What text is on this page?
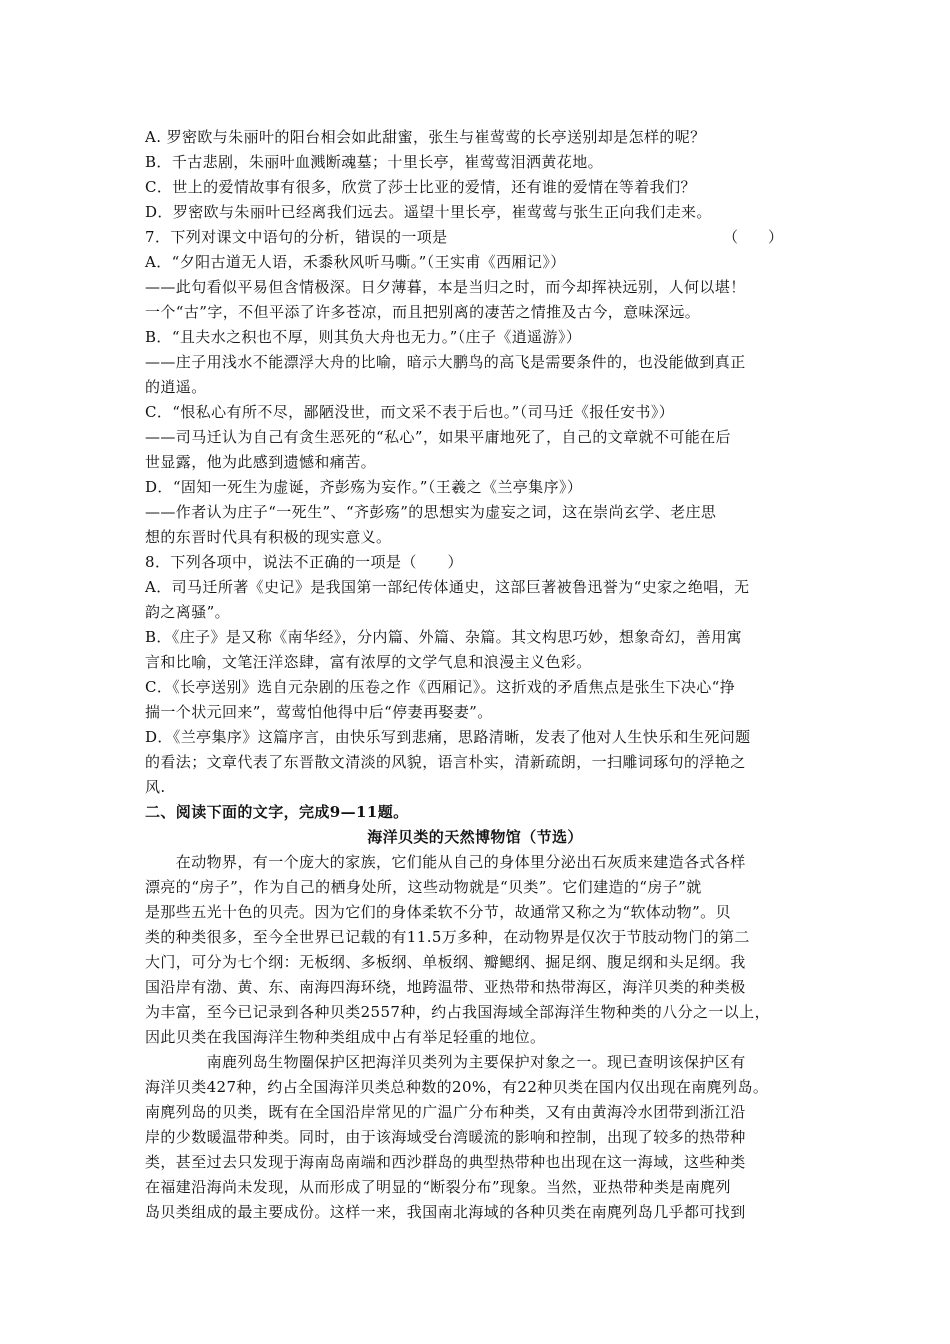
A. 罗密欧与朱丽叶的阳台相会如此甜蜜，张生与崔莺莺的长亭送别却是怎样的呢？
B．千古悲剧，朱丽叶血溅断魂墓；十里长亭，崔莺莺泪洒黄花地。
C．世上的爱情故事有很多，欣赏了莎士比亚的爱情，还有谁的爱情在等着我们？
D．罗密欧与朱丽叶已经离我们远去。遥望十里长亭，崔莺莺与张生正向我们走来。
7．下列对课文中语句的分析，错误的一项是	（　　）
A．“夕阳古道无人语，禾黍秋风听马嘶。”（王实甫《西厢记》）
——此句看似平易但含情极深。日夕薄暮，本是当归之时，而今却挥袂远别，人何以堪！
一个“古”字，不但平添了许多苍凉，而且把别离的凄苦之情推及古今，意味深远。
B．“且夫水之积也不厚，则其负大舟也无力。”（庄子《逍遥游》）
——庄子用浅水不能漂浮大舟的比喻，暗示大鹏鸟的高飞是需要条件的，也没能做到真正
的逍遥。
C．“恨私心有所不尽，鄙陋没世，而文采不表于后也。”（司马迁《报任安书》）
——司马迁认为自己有贪生恶死的“私心”，如果平庸地死了，自己的文章就不可能在后
世显露，他为此感到遗憾和痛苦。
D．“固知一死生为虚诞，齐彭殇为妄作。”（王羲之《兰亭集序》）
——作者认为庄子“一死生”、“齐彭殇”的思想实为虚妄之词，这在崇尚玄学、老庄思
想的东晋时代具有积极的现实意义。
8．下列各项中，说法不正确的一项是（　　）
A．司马迁所著《史记》是我国第一部纪传体通史，这部巨著被鲁迅誉为“史家之绝唱，无
韵之离骚”。
B．《庄子》是又称《南华经》，分内篇、外篇、杂篇。其文构思巧妙，想象奇幻，善用寓
言和比喻，文笔汪洋恣肆，富有浓厚的文学气息和浪漫主义色彩。
C．《长亭送别》选自元杂剧的压卷之作《西厢记》。这折戏的矛盾焦点是张生下决心“挣
揣一个状元回来”，莺莺怕他得中后“停妻再娶妻”。
D．《兰亭集序》这篇序言，由快乐写到悲痛，思路清晰，发表了他对人生快乐和生死问题
的看法；文章代表了东晋散文清淡的风貌，语言朴实，清新疏朗，一扫雕词琢句的浮艳之
风.
二、阅读下面的文字，完成9—11题。
海洋贝类的天然博物馆（节选）
　　在动物界，有一个庞大的家族，它们能从自己的身体里分泌出石灰质来建造各式各样
漂亮的“房子”，作为自己的栖身处所，这些动物就是“贝类”。它们建造的“房子”就
是那些五光十色的贝壳。因为它们的身体柔软不分节，故通常又称之为“软体动物”。贝
类的种类很多，至今全世界已记载的有11.5万多种，在动物界是仅次于节肢动物门的第二
大门，可分为七个纲：无板纲、多板纲、单板纲、瓣鳃纲、掘足纲、腹足纲和头足纲。我
国沿岸有渤、黄、东、南海四海环绕，地跨温带、亚热带和热带海区，海洋贝类的种类极
为丰富，至今已记录到各种贝类2557种，约占我国海域全部海洋生物种类的八分之一以上，
因此贝类在我国海洋生物种类组成中占有举足轻重的地位。
　　　　南鹿列岛生物圈保护区把海洋贝类列为主要保护对象之一。现已查明该保护区有
海洋贝类427种，约占全国海洋贝类总种数的20%，有22种贝类在国内仅出现在南麂列岛。
南麂列岛的贝类，既有在全国沿岸常见的广温广分布种类，又有由黄海冷水团带到浙江沿
岸的少数暖温带种类。同时，由于该海域受台湾暖流的影响和控制，出现了较多的热带种
类，甚至过去只发现于海南岛南端和西沙群岛的典型热带种也出现在这一海域，这些种类
在福建沿海尚未发现，从而形成了明显的“断裂分布”现象。当然，亚热带种类是南麂列
岛贝类组成的最主要成份。这样一来，我国南北海域的各种贝类在南麂列岛几乎都可找到
